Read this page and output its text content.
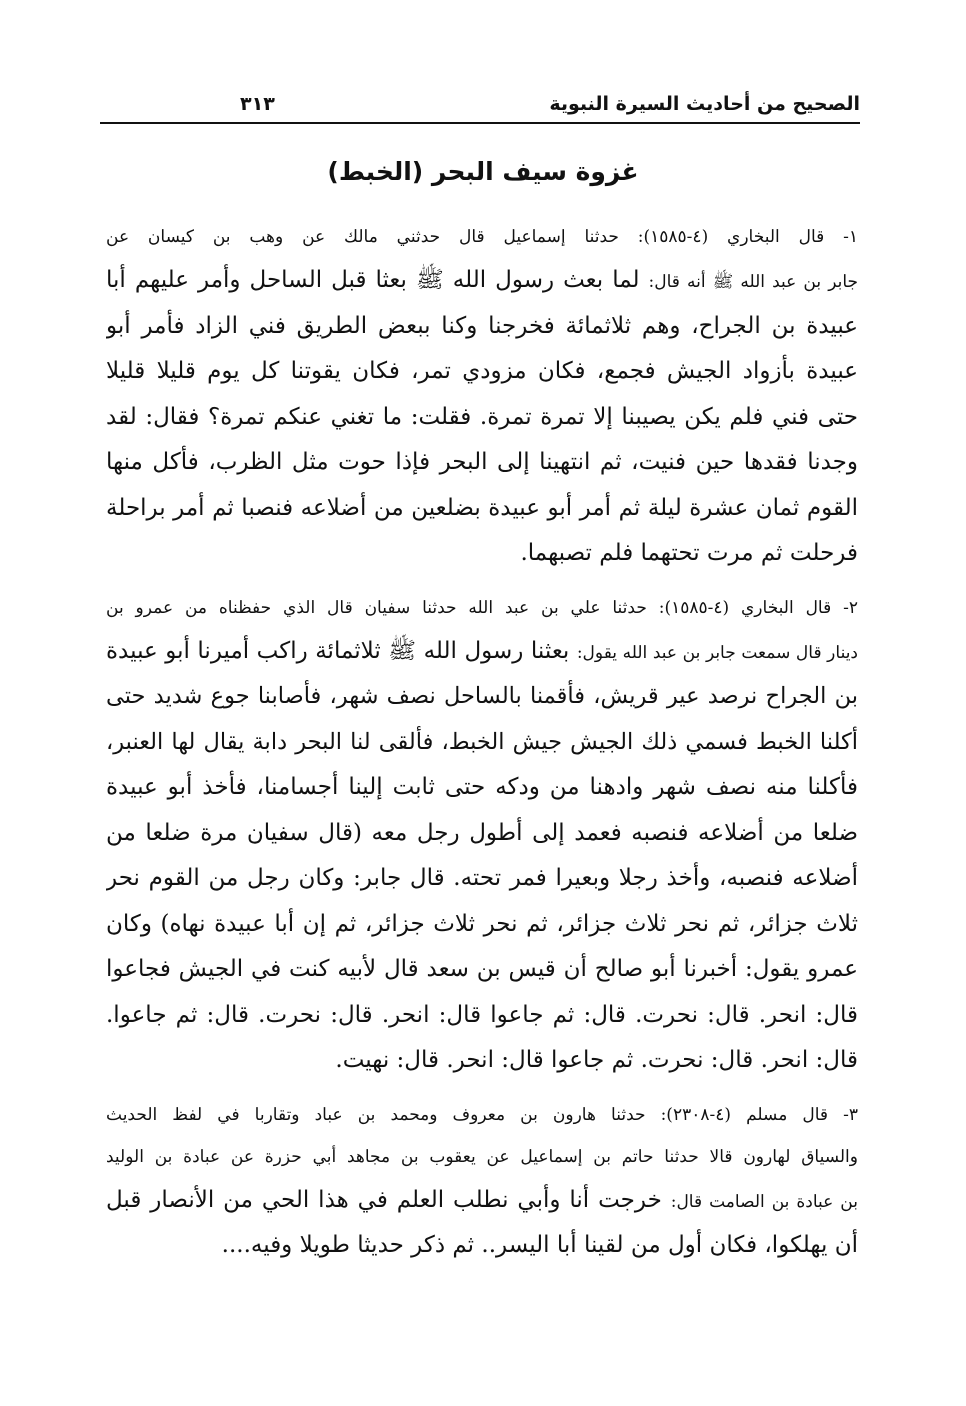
الصحيح من أحاديث السيرة النبوية
٣١٣
غزوة سيف البحر (الخبط)
١- قال البخاري (٤-١٥٨٥): حدثنا إسماعيل قال حدثني مالك عن وهب بن كيسان عن
جابر بن عبد الله ﷺ أنه قال: لما بعث رسول الله ﷺ بعثا قبل الساحل وأمر عليهم أبا
عبيدة بن الجراح، وهم ثلاثمائة فخرجنا وكنا ببعض الطريق فني الزاد فأمر أبو
عبيدة بأزواد الجيش فجمع، فكان مزودي تمر، فكان يقوتنا كل يوم قليلا قليلا
حتى فني فلم يكن يصيبنا إلا تمرة تمرة. فقلت: ما تغني عنكم تمرة؟ فقال: لقد
وجدنا فقدها حين فنيت، ثم انتهينا إلى البحر فإذا حوت مثل الظرب، فأكل منها
القوم ثمان عشرة ليلة ثم أمر أبو عبيدة بضلعين من أضلاعه فنصبا ثم أمر براحلة
فرحلت ثم مرت تحتهما فلم تصبهما.
٢- قال البخاري (٤-١٥٨٥): حدثنا علي بن عبد الله حدثنا سفيان قال الذي حفظناه من عمرو بن
دينار قال سمعت جابر بن عبد الله يقول: بعثنا رسول الله ﷺ ثلاثمائة راكب أميرنا أبو عبيدة
بن الجراح نرصد عير قريش، فأقمنا بالساحل نصف شهر، فأصابنا جوع شديد حتى
أكلنا الخبط فسمي ذلك الجيش جيش الخبط، فألقى لنا البحر دابة يقال لها العنبر،
فأكلنا منه نصف شهر وادهنا من ودكه حتى ثابت إلينا أجسامنا، فأخذ أبو عبيدة
ضلعا من أضلاعه فنصبه فعمد إلى أطول رجل معه (قال سفيان مرة ضلعا من
أضلاعه فنصبه، وأخذ رجلا وبعيرا فمر تحته. قال جابر: وكان رجل من القوم نحر
ثلاث جزائر، ثم نحر ثلاث جزائر، ثم نحر ثلاث جزائر، ثم إن أبا عبيدة نهاه) وكان
عمرو يقول: أخبرنا أبو صالح أن قيس بن سعد قال لأبيه كنت في الجيش فجاعوا
قال: انحر. قال: نحرت. قال: ثم جاعوا قال: انحر. قال: نحرت. قال: ثم جاعوا.
قال: انحر. قال: نحرت. ثم جاعوا قال: انحر. قال: نهيت.
٣- قال مسلم (٤-٢٣٠٨): حدثنا هارون بن معروف ومحمد بن عباد وتقاربا في لفظ الحديث
والسياق لهارون قالا حدثنا حاتم بن إسماعيل عن يعقوب بن مجاهد أبي حزرة عن عبادة بن الوليد
بن عبادة بن الصامت قال: خرجت أنا وأبي نطلب العلم في هذا الحي من الأنصار قبل
أن يهلكوا، فكان أول من لقينا أبا اليسر.. ثم ذكر حديثا طويلا وفيه....
